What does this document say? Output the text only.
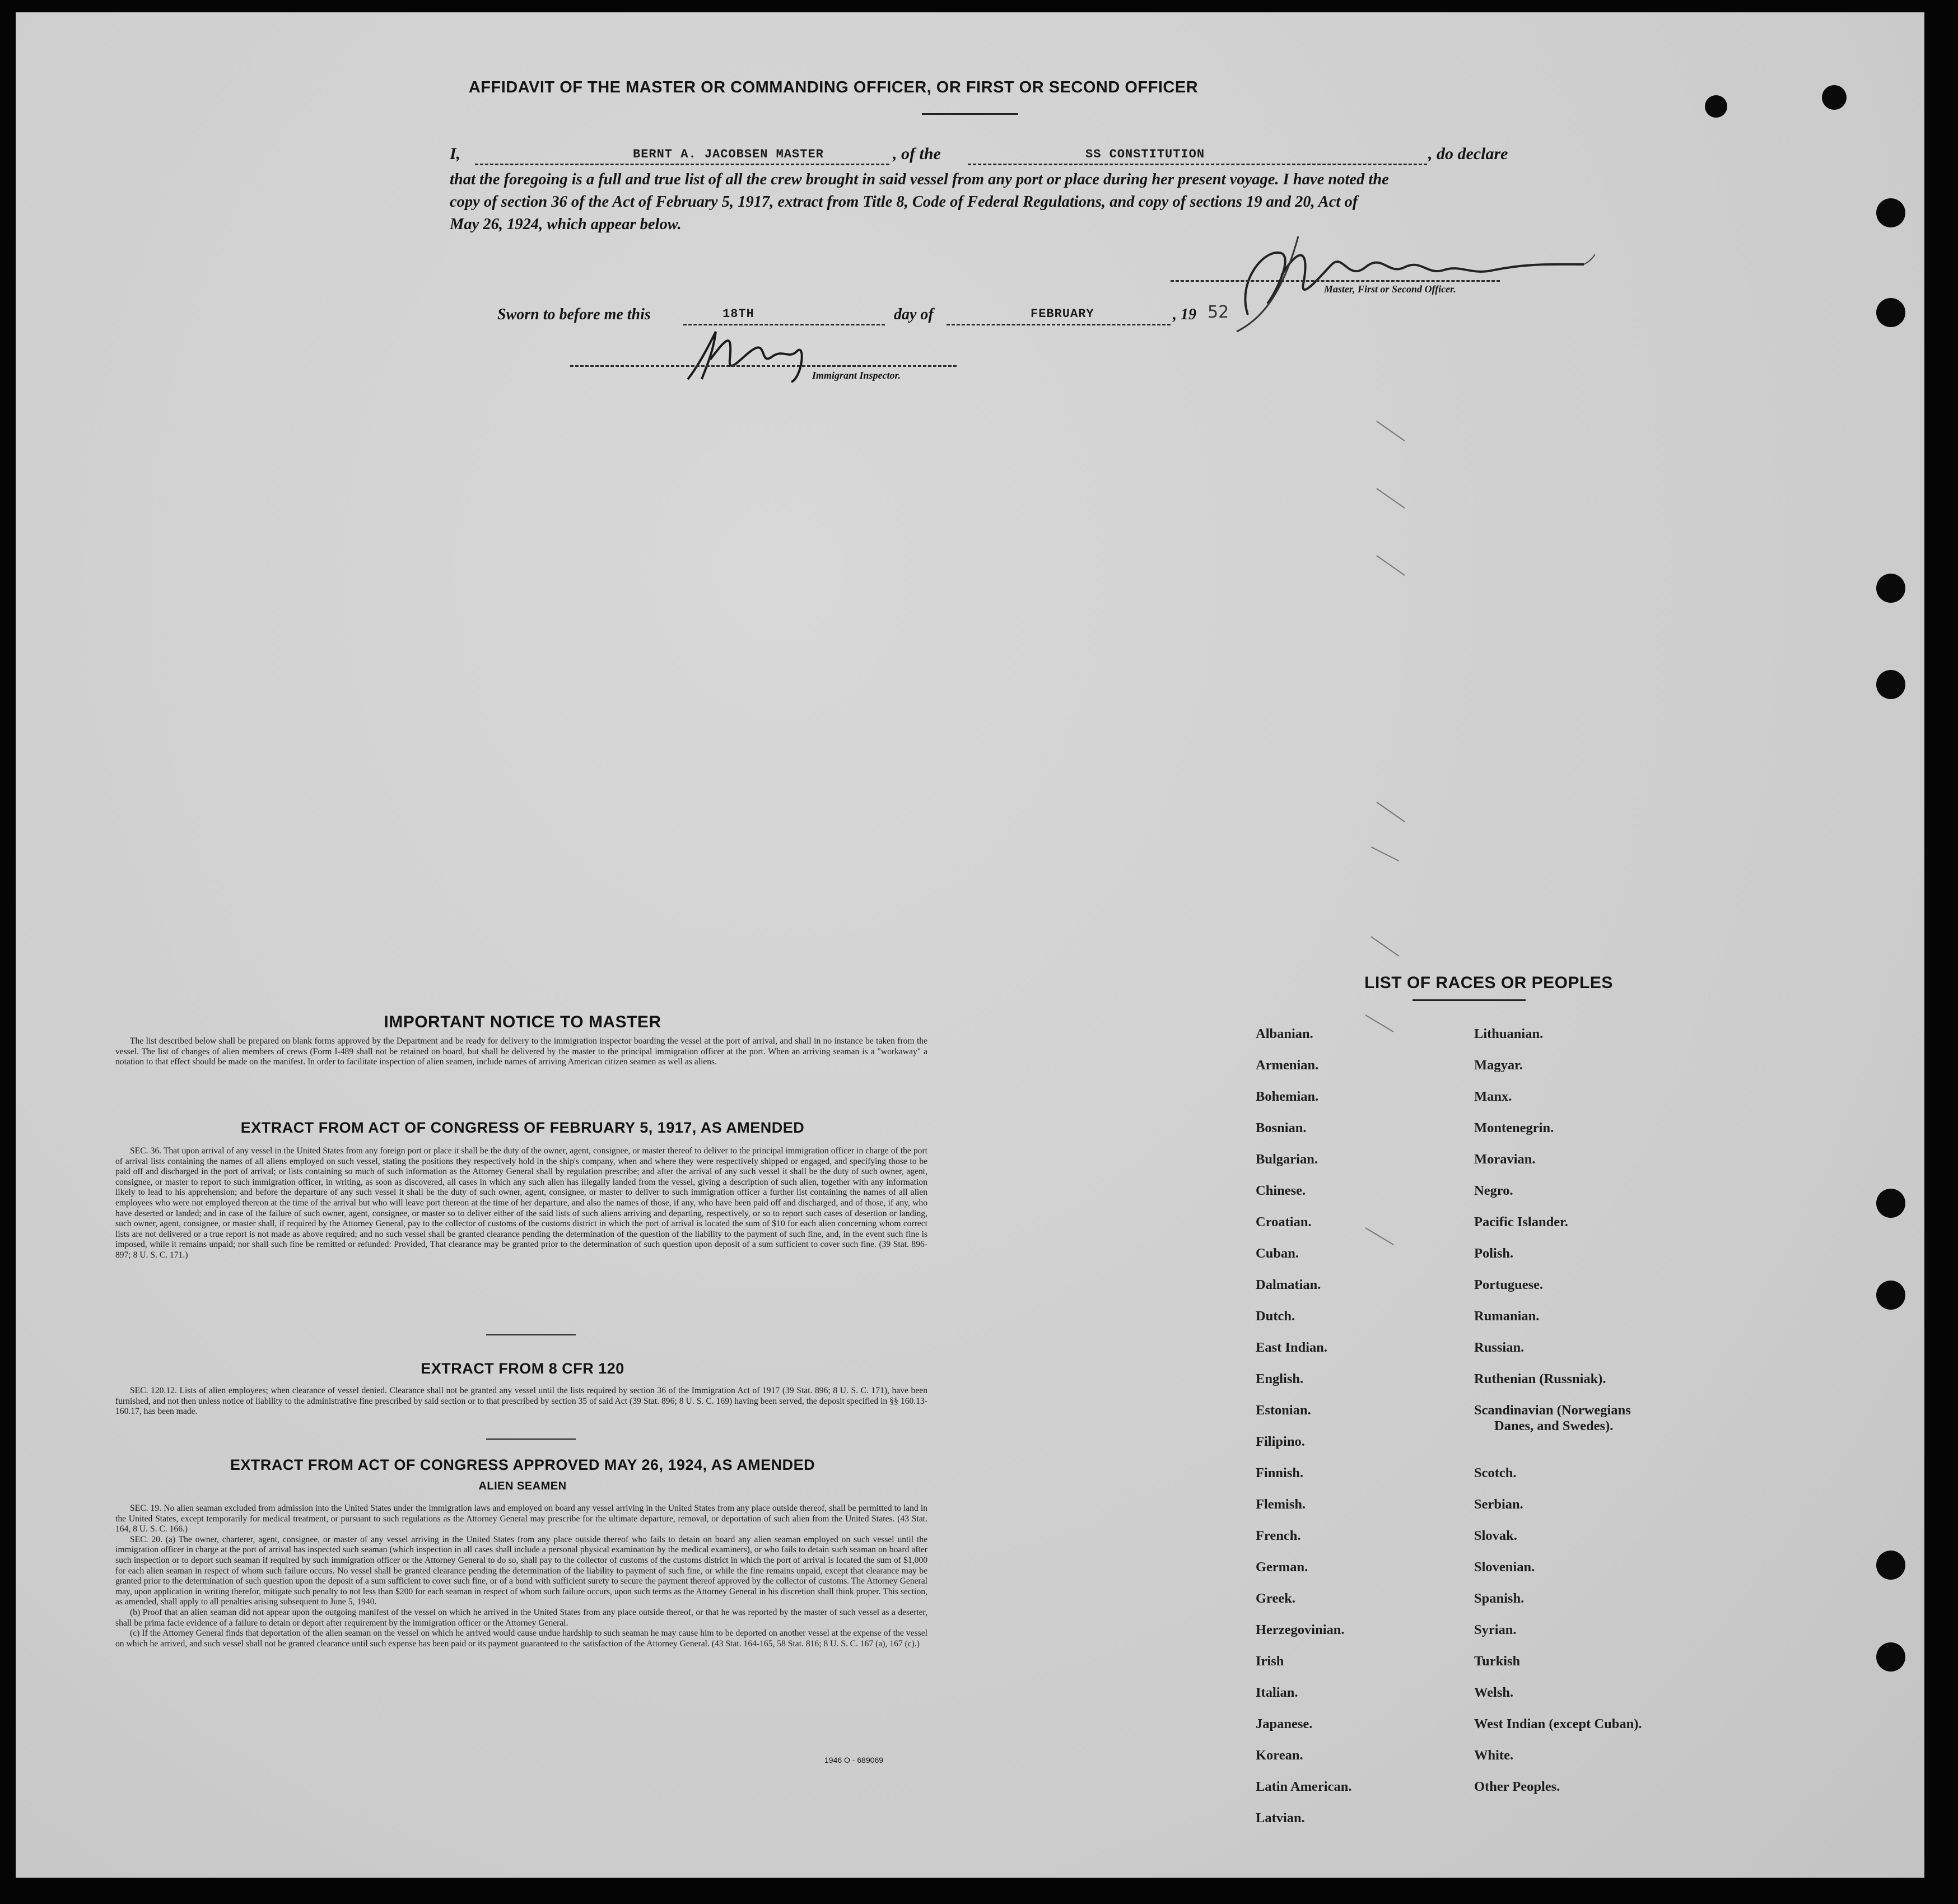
AFFIDAVIT OF THE MASTER OR COMMANDING OFFICER, OR FIRST OR SECOND OFFICER
I,	BERNT A. JACOBSEN MASTER	, of the	SS CONSTITUTION	, do declare
that the foregoing is a full and true list of all the crew brought in said vessel from any port or place during her present voyage. I have noted the
copy of section 36 of the Act of February 5, 1917, extract from Title 8, Code of Federal Regulations, and copy of sections 19 and 20, Act of
May 26, 1924, which appear below.
Master, First or Second Officer.
Sworn to before me this	18TH	day of	FEBRUARY	, 19 52
Immigrant Inspector.
IMPORTANT NOTICE TO MASTER

The list described below shall be prepared on blank forms approved by the Department and be ready for delivery to the immigration inspector boarding the vessel at the port of arrival, and shall in no instance be taken from the vessel. The list of changes of alien members of crews (Form I-489 shall not be retained on board, but shall be delivered by the master to the principal immigration officer at the port. When an arriving seaman is a "workaway" a notation to that effect should be made on the manifest. In order to facilitate inspection of alien seamen, include names of arriving American citizen seamen as well as aliens.

EXTRACT FROM ACT OF CONGRESS OF FEBRUARY 5, 1917, AS AMENDED

SEC. 36. That upon arrival of any vessel in the United States from any foreign port or place it shall be the duty of the owner, agent, consignee, or master thereof to deliver to the principal immigration officer in charge of the port of arrival lists containing the names of all aliens employed on such vessel, stating the positions they respectively hold in the ship's company, when and where they were respectively shipped or engaged, and specifying those to be paid off and discharged in the port of arrival; or lists containing so much of such information as the Attorney General shall by regulation prescribe; and after the arrival of any such vessel it shall be the duty of such owner, agent, consignee, or master to report to such immigration officer, in writing, as soon as discovered, all cases in which any such alien has illegally landed from the vessel, giving a description of such alien, together with any information likely to lead to his apprehension; and before the departure of any such vessel it shall be the duty of such owner, agent, consignee, or master to deliver to such immigration officer a further list containing the names of all alien employees who were not employed thereon at the time of the arrival but who will leave port thereon at the time of her departure, and also the names of those, if any, who have been paid off and discharged, and of those, if any, who have deserted or landed; and in case of the failure of such owner, agent, consignee, or master so to deliver either of the said lists of such aliens arriving and departing, respectively, or so to report such cases of desertion or landing, such owner, agent, consignee, or master shall, if required by the Attorney General, pay to the collector of customs of the customs district in which the port of arrival is located the sum of $10 for each alien concerning whom correct lists are not delivered or a true report is not made as above required; and no such vessel shall be granted clearance pending the determination of the question of the liability to the payment of such fine, and, in the event such fine is imposed, while it remains unpaid; nor shall such fine be remitted or refunded: Provided, That clearance may be granted prior to the determination of such question upon deposit of a sum sufficient to cover such fine. (39 Stat. 896-897; 8 U. S. C. 171.)

EXTRACT FROM 8 CFR 120

SEC. 120.12. Lists of alien employees; when clearance of vessel denied. Clearance shall not be granted any vessel until the lists required by section 36 of the Immigration Act of 1917 (39 Stat. 896; 8 U. S. C. 171), have been furnished, and not then unless notice of liability to the administrative fine prescribed by said section or to that prescribed by section 35 of said Act (39 Stat. 896; 8 U. S. C. 169) having been served, the deposit specified in §§ 160.13-160.17, has been made.

EXTRACT FROM ACT OF CONGRESS APPROVED MAY 26, 1924, AS AMENDED
ALIEN SEAMEN

SEC. 19. No alien seaman excluded from admission into the United States under the immigration laws and employed on board any vessel arriving in the United States from any place outside thereof, shall be permitted to land in the United States, except temporarily for medical treatment, or pursuant to such regulations as the Attorney General may prescribe for the ultimate departure, removal, or deportation of such alien from the United States. (43 Stat. 164, 8 U. S. C. 166.)

SEC. 20. (a) The owner, charterer, agent, consignee, or master of any vessel arriving in the United States from any place outside thereof who fails to detain on board any alien seaman employed on such vessel until the immigration officer in charge at the port of arrival has inspected such seaman (which inspection in all cases shall include a personal physical examination by the medical examiners), or who fails to detain such seaman on board after such inspection or to deport such seaman if required by such immigration officer or the Attorney General to do so, shall pay to the collector of customs of the customs district in which the port of arrival is located the sum of $1,000 for each alien seaman in respect of whom such failure occurs. No vessel shall be granted clearance pending the determination of the liability to payment of such fine, or while the fine remains unpaid, except that clearance may be granted prior to the determination of such question upon the deposit of a sum sufficient to cover such fine, or of a bond with sufficient surety to secure the payment thereof approved by the collector of customs. The Attorney General may, upon application in writing therefor, mitigate such penalty to not less than $200 for each seaman in respect of whom such failure occurs, upon such terms as the Attorney General in his discretion shall think proper. This section, as amended, shall apply to all penalties arising subsequent to June 5, 1940.

(b) Proof that an alien seaman did not appear upon the outgoing manifest of the vessel on which he arrived in the United States from any place outside thereof, or that he was reported by the master of such vessel as a deserter, shall be prima facie evidence of a failure to detain or deport after requirement by the immigration officer or the Attorney General.

(c) If the Attorney General finds that deportation of the alien seaman on the vessel on which he arrived would cause undue hardship to such seaman he may cause him to be deported on another vessel at the expense of the vessel on which he arrived, and such vessel shall not be granted clearance until such expense has been paid or its payment guaranteed to the satisfaction of the Attorney General. (43 Stat. 164-165, 58 Stat. 816; 8 U. S. C. 167 (a), 167 (c).)

1946 O - 689069
LIST OF RACES OR PEOPLES
Albanian.
Armenian.
Bohemian.
Bosnian.
Bulgarian.
Chinese.
Croatian.
Cuban.
Dalmatian.
Dutch.
East Indian.
English.
Estonian.
Filipino.
Finnish.
Flemish.
French.
German.
Greek.
Herzegovinian.
Irish
Italian.
Japanese.
Korean.
Latin American.
Latvian.
Lithuanian.
Magyar.
Manx.
Montenegrin.
Moravian.
Negro.
Pacific Islander.
Polish.
Portuguese.
Rumanian.
Russian.
Ruthenian (Russniak).
Scandinavian (Norwegians
Danes, and Swedes).
Scotch.
Serbian.
Slovak.
Slovenian.
Spanish.
Syrian.
Turkish
Welsh.
West Indian (except Cuban).
White.
Other Peoples.
